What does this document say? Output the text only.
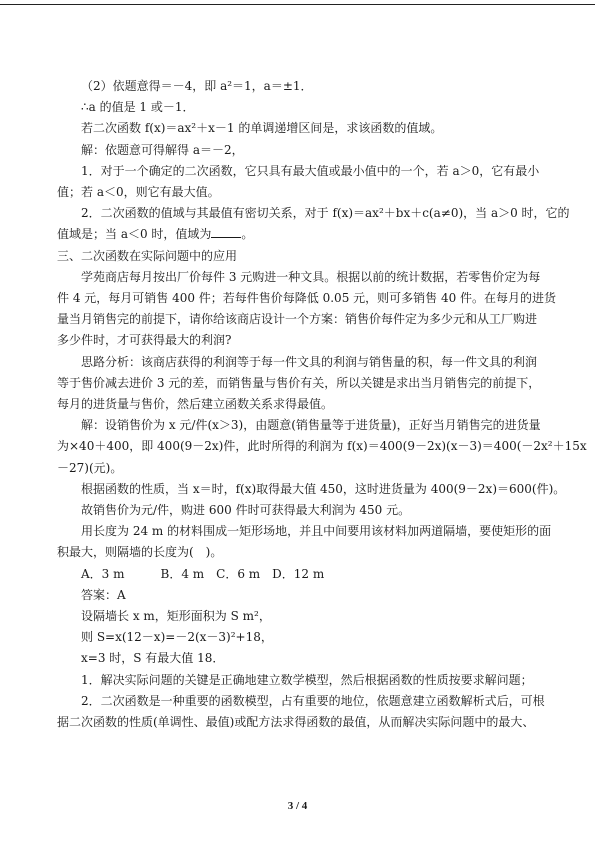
（2）依题意得＝－4，即 a²＝1，a＝±1．
∴a 的值是 1 或－1．
若二次函数 f(x)＝ax²＋x－1 的单调递增区间是，求该函数的值域。
解：依题意可得解得 a＝－2，
1．对于一个确定的二次函数，它只具有最大值或最小值中的一个，若 a＞0，它有最小
值；若 a＜0，则它有最大值。
2．二次函数的值域与其最值有密切关系，对于 f(x)＝ax²＋bx＋c(a≠0)，当 a＞0 时，它的
值域是；当 a＜0 时，值域为	。
三、二次函数在实际问题中的应用
学苑商店每月按出厂价每件 3 元购进一种文具。根据以前的统计数据，若零售价定为每
件 4 元，每月可销售 400 件；若每件售价每降低 0.05 元，则可多销售 40 件。在每月的进货
量当月销售完的前提下，请你给该商店设计一个方案：销售价每件定为多少元和从工厂购进
多少件时，才可获得最大的利润?
思路分析：该商店获得的利润等于每一件文具的利润与销售量的积，每一件文具的利润
等于售价减去进价 3 元的差，而销售量与售价有关，所以关键是求出当月销售完的前提下，
每月的进货量与售价，然后建立函数关系求得最值。
解：设销售价为 x 元/件(x＞3)，由题意(销售量等于进货量)，正好当月销售完的进货量
为×40＋400，即 400(9－2x)件，此时所得的利润为 f(x)＝400(9－2x)(x－3)＝400(－2x²＋15x
－27)(元)。
根据函数的性质，当 x＝时，f(x)取得最大值 450，这时进货量为 400(9－2x)＝600(件)。
故销售价为元/件，购进 600 件时可获得最大利润为 450 元。
用长度为 24 m 的材料围成一矩形场地，并且中间要用该材料加两道隔墙，要使矩形的面
积最大，则隔墙的长度为(　)。
A．3 m　　　B．4 m　C．6 m　D．12 m
答案：A
设隔墙长 x m，矩形面积为 S m²，
则 S=x(12－x)=－2(x－3)²+18，
x=3 时，S 有最大值 18．
1．解决实际问题的关键是正确地建立数学模型，然后根据函数的性质按要求解问题；
2．二次函数是一种重要的函数模型，占有重要的地位，依题意建立函数解析式后，可根
据二次函数的性质(单调性、最值)或配方法求得函数的最值，从而解决实际问题中的最大、
3 / 4
